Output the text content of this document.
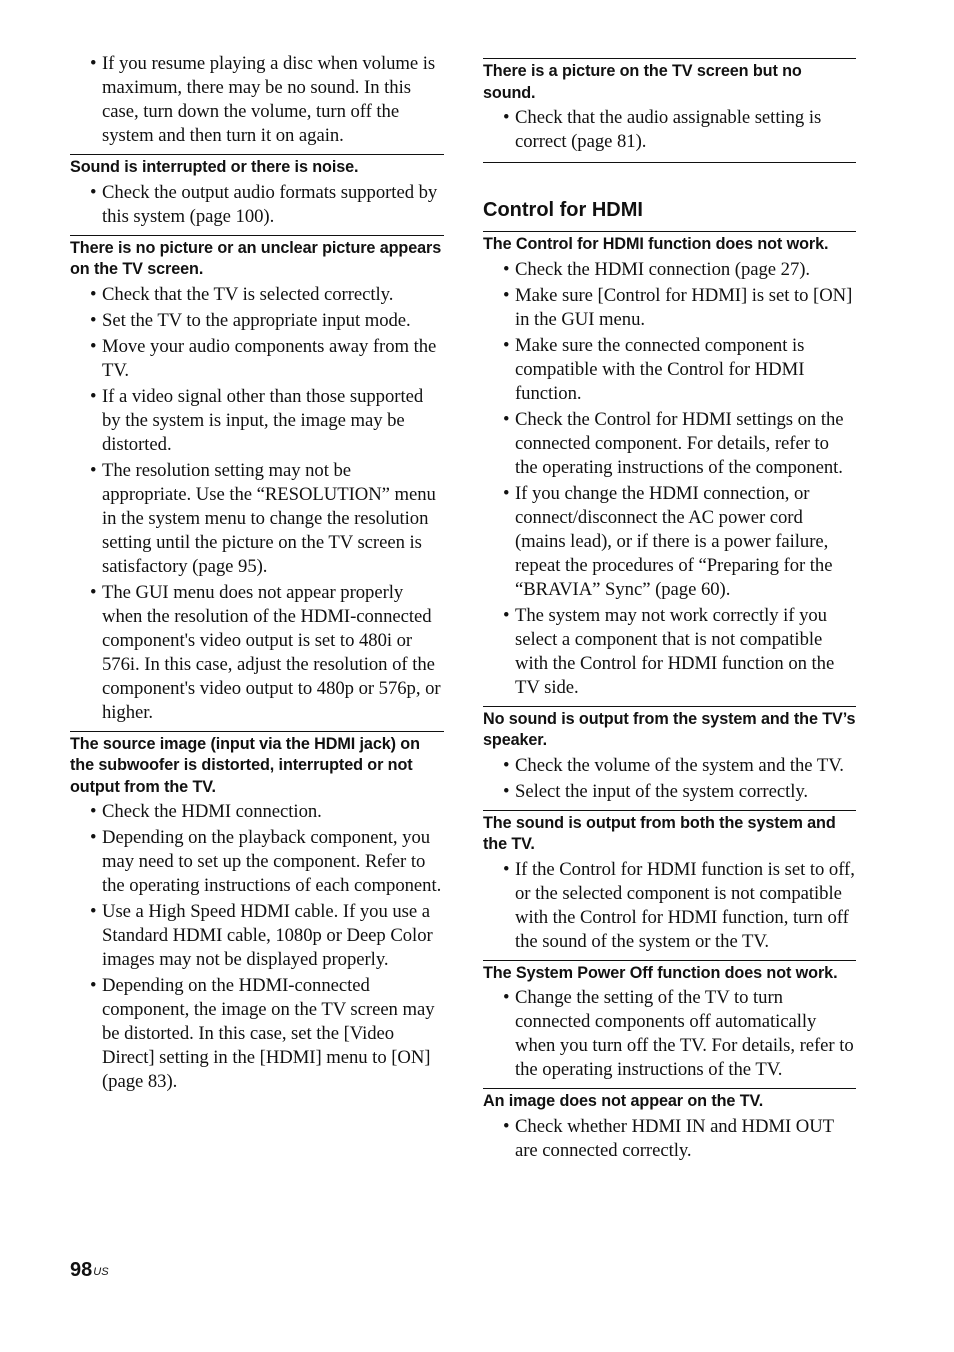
• If you resume playing a disc when volume is maximum, there may be no sound. In this case, turn down the volume, turn off the system and then turn it on again.

Sound is interrupted or there is noise.

• Check the output audio formats supported by this system (page 100).

There is no picture or an unclear picture appears on the TV screen.

• Check that the TV is selected correctly.
• Set the TV to the appropriate input mode.
• Move your audio components away from the TV.
• If a video signal other than those supported by the system is input, the image may be distorted.
• The resolution setting may not be appropriate. Use the “RESOLUTION” menu in the system menu to change the resolution setting until the picture on the TV screen is satisfactory (page 95).
• The GUI menu does not appear properly when the resolution of the HDMI-connected component's video output is set to 480i or 576i. In this case, adjust the resolution of the component's video output to 480p or 576p, or higher.

The source image (input via the HDMI jack) on the subwoofer is distorted, interrupted or not output from the TV.

• Check the HDMI connection.
• Depending on the playback component, you may need to set up the component. Refer to the operating instructions of each component.
• Use a High Speed HDMI cable. If you use a Standard HDMI cable, 1080p or Deep Color images may not be displayed properly.
• Depending on the HDMI-connected component, the image on the TV screen may be distorted. In this case, set the [Video Direct] setting in the [HDMI] menu to [ON] (page 83).

There is a picture on the TV screen but no sound.

• Check that the audio assignable setting is correct (page 81).
Control for HDMI

The Control for HDMI function does not work.

• Check the HDMI connection (page 27).
• Make sure [Control for HDMI] is set to [ON] in the GUI menu.
• Make sure the connected component is compatible with the Control for HDMI function.
• Check the Control for HDMI settings on the connected component. For details, refer to the operating instructions of the component.
• If you change the HDMI connection, or connect/disconnect the AC power cord (mains lead), or if there is a power failure, repeat the procedures of “Preparing for the “BRAVIA” Sync” (page 60).
• The system may not work correctly if you select a component that is not compatible with the Control for HDMI function on the TV side.

No sound is output from the system and the TV’s speaker.

• Check the volume of the system and the TV.
• Select the input of the system correctly.

The sound is output from both the system and the TV.

• If the Control for HDMI function is set to off, or the selected component is not compatible with the Control for HDMI function, turn off the sound of the system or the TV.

The System Power Off function does not work.

• Change the setting of the TV to turn connected components off automatically when you turn off the TV. For details, refer to the operating instructions of the TV.

An image does not appear on the TV.

• Check whether HDMI IN and HDMI OUT are connected correctly.
$98^{US}$
